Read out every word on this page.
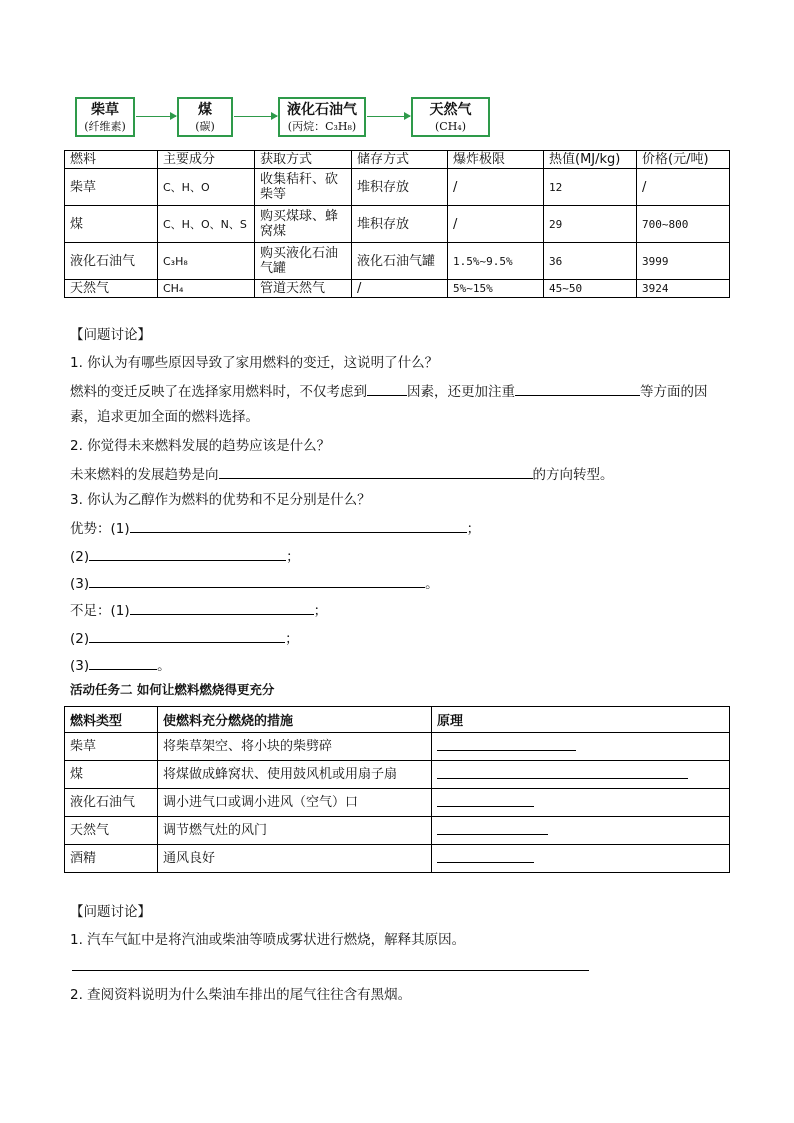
柴草
(纤维素)
煤
(碳)
液化石油气
(丙烷：C₃H₈)
天然气
(CH₄)
燃料	主要成分	获取方式	储存方式	爆炸极限	热值(MJ/kg)	价格(元/吨)
柴草	C、H、O	收集秸秆、砍柴等	堆积存放	/	12	/
煤	C、H、O、N、S	购买煤球、蜂窝煤	堆积存放	/	29	700~800
液化石油气	C₃H₈	购买液化石油气罐	液化石油气罐	1.5%~9.5%	36	3999
天然气	CH₄	管道天然气	/	5%~15%	45~50	3924
【问题讨论】
1. 你认为有哪些原因导致了家用燃料的变迁，这说明了什么？
燃料的变迁反映了在选择家用燃料时，不仅考虑到	因素，还更加注重	等方面的因
素，追求更加全面的燃料选择。
2. 你觉得未来燃料发展的趋势应该是什么？
未来燃料的发展趋势是向	的方向转型。
3. 你认为乙醇作为燃料的优势和不足分别是什么？
优势：(1)	；
(2)	；
(3)	。
不足：(1)	；
(2)	；
(3)	。
活动任务二 如何让燃料燃烧得更充分
燃料类型	使燃料充分燃烧的措施	原理
柴草	将柴草架空、将小块的柴劈碎	
煤	将煤做成蜂窝状、使用鼓风机或用扇子扇	
液化石油气	调小进气口或调小进风（空气）口	
天然气	调节燃气灶的风门	
酒精	通风良好	
【问题讨论】
1. 汽车气缸中是将汽油或柴油等喷成雾状进行燃烧，解释其原因。
2. 查阅资料说明为什么柴油车排出的尾气往往含有黑烟。
